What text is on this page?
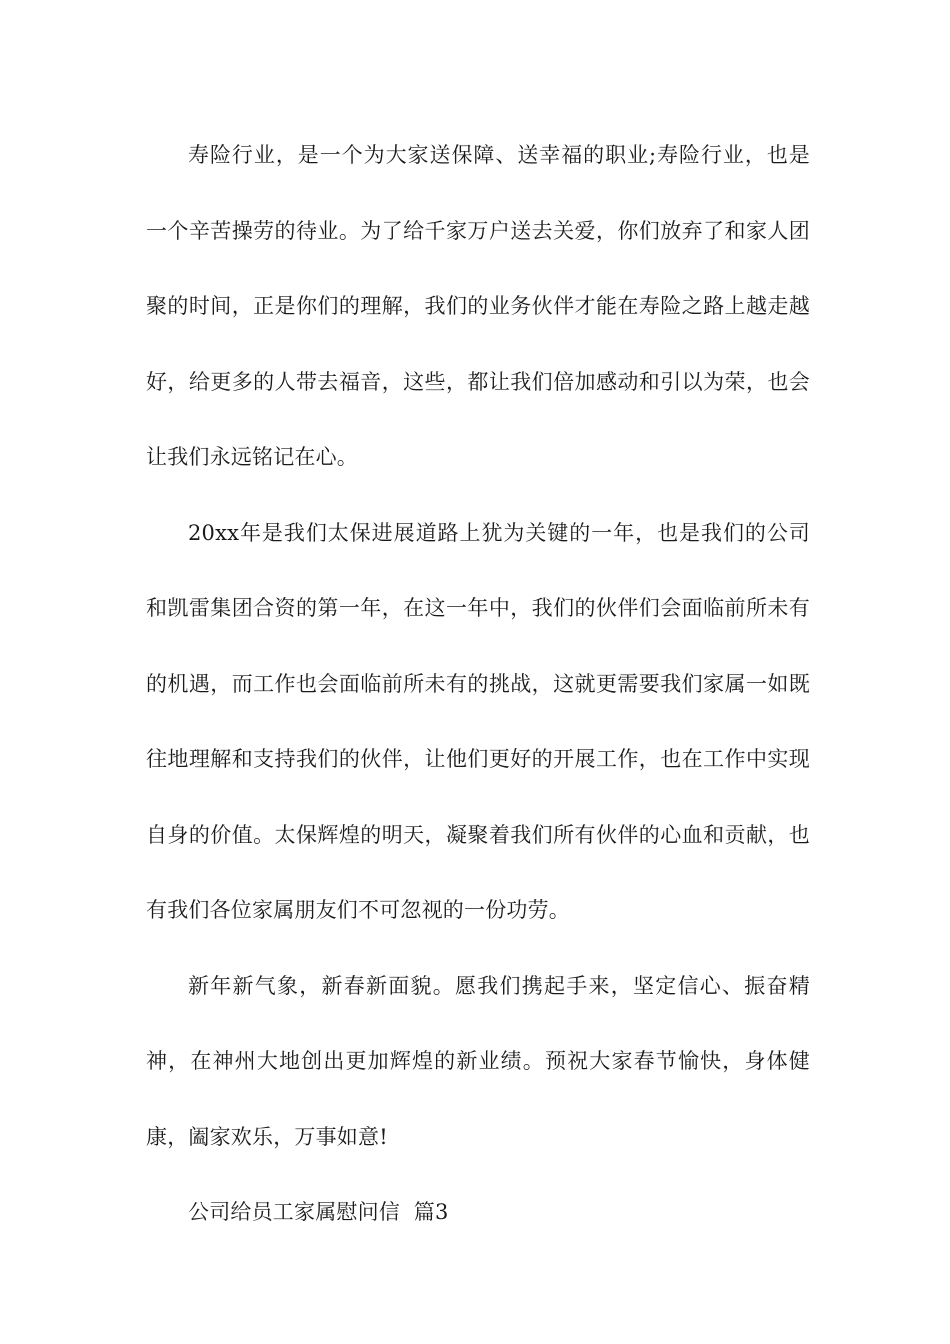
寿险行业，是一个为大家送保障、送幸福的职业;寿险行业，也是一个辛苦操劳的待业。为了给千家万户送去关爱，你们放弃了和家人团聚的时间，正是你们的理解，我们的业务伙伴才能在寿险之路上越走越好，给更多的人带去福音，这些，都让我们倍加感动和引以为荣，也会让我们永远铭记在心。

20xx年是我们太保进展道路上犹为关键的一年，也是我们的公司和凯雷集团合资的第一年，在这一年中，我们的伙伴们会面临前所未有的机遇，而工作也会面临前所未有的挑战，这就更需要我们家属一如既往地理解和支持我们的伙伴，让他们更好的开展工作，也在工作中实现自身的价值。太保辉煌的明天，凝聚着我们所有伙伴的心血和贡献，也有我们各位家属朋友们不可忽视的一份功劳。

新年新气象，新春新面貌。愿我们携起手来，坚定信心、振奋精神，在神州大地创出更加辉煌的新业绩。预祝大家春节愉快，身体健康，阖家欢乐，万事如意!

公司给员工家属慰问信  篇3
